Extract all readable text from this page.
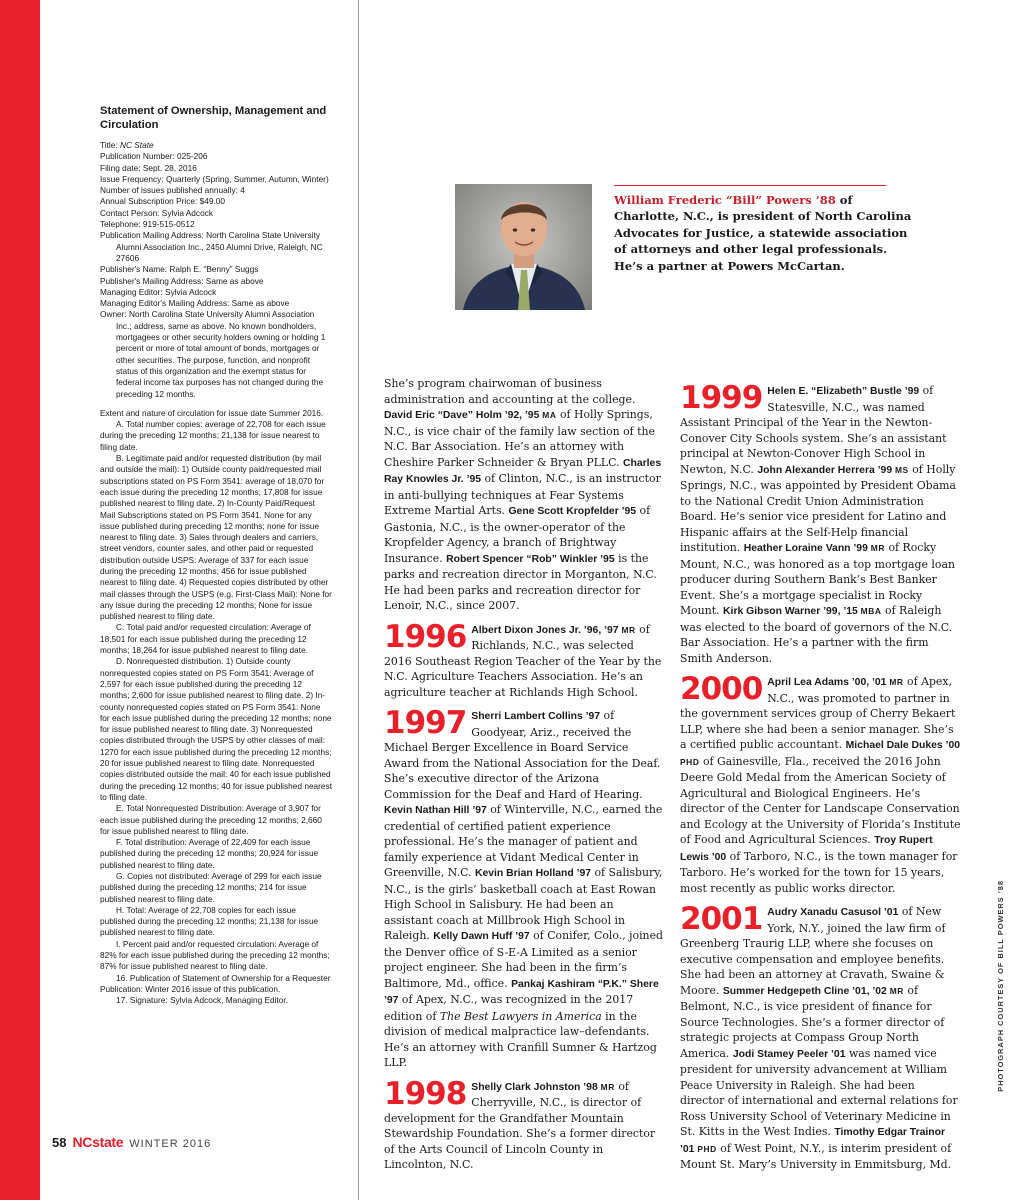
Statement of Ownership, Management and Circulation

Title: NC State

Publication Number: 025-206

Filing date: Sept. 28, 2016

Issue Frequency: Quarterly (Spring, Summer, Autumn, Winter)

Number of issues published annually: 4

Annual Subscription Price: $49.00

Contact Person: Sylvia Adcock

Telephone: 919-515-0512

Publication Mailing Address: North Carolina State University Alumni Association Inc., 2450 Alumni Drive, Raleigh, NC 27606

Publisher's Name: Ralph E. “Benny” Suggs

Publisher's Mailing Address: Same as above

Managing Editor: Sylvia Adcock

Managing Editor's Mailing Address: Same as above

Owner: North Carolina State University Alumni Association Inc.; address, same as above. No known bondholders, mortgagees or other security holders owning or holding 1 percent or more of total amount of bonds, mortgages or other securities. The purpose, function, and nonprofit status of this organization and the exempt status for federal income tax purposes has not changed during the preceding 12 months.

Extent and nature of circulation for issue date Summer 2016.

A. Total number copies: average of 22,708 for each issue during the preceding 12 months; 21,138 for issue nearest to filing date.

B. Legitimate paid and/or requested distribution (by mail and outside the mail): 1) Outside county paid/requested mail subscriptions stated on PS Form 3541: average of 18,070 for each issue during the preceding 12 months; 17,808 for issue published nearest to filing date. 2) In-County Paid/Request Mail Subscriptions stated on PS Form 3541. None for any issue published during preceding 12 months; none for issue nearest to filing date. 3) Sales through dealers and carriers, street vendors, counter sales, and other paid or requested distribution outside USPS: Average of 337 for each issue during the preceding 12 months; 456 for issue published nearest to filing date. 4) Requested copies distributed by other mail classes through the USPS (e.g. First-Class Mail): None for any issue during the preceding 12 months; None for issue published nearest to filing date.

C. Total paid and/or requested circulation: Average of 18,501 for each issue published during the preceding 12 months; 18,264 for issue published nearest to filing date.

D. Nonrequested distribution. 1) Outside county nonrequested copies stated on PS Form 3541: Average of 2,597 for each issue published during the preceding 12 months; 2,600 for issue published nearest to filing date. 2) In-county nonrequested copies stated on PS Form 3541: None for each issue published during the preceding 12 months; none for issue published nearest to filing date. 3) Nonrequested copies distributed through the USPS by other classes of mail: 1270 for each issue published during the preceding 12 months; 20 for issue published nearest to filing date. Nonrequested copies distributed outside the mail: 40 for each issue published during the preceding 12 months; 40 for issue published nearest to filing date.

E. Total Nonrequested Distribution: Average of 3,907 for each issue published during the preceding 12 months; 2,660 for issue published nearest to filing date.

F. Total distribution: Average of 22,409 for each issue published during the preceding 12 months; 20,924 for issue published nearest to filing date.

G. Copies not distributed: Average of 299 for each issue published during the preceding 12 months; 214 for issue published nearest to filing date.

H. Total: Average of 22,708 copies for each issue published during the preceding 12 months; 21,138 for issue published nearest to filing date.

I. Percent paid and/or requested circulation: Average of 82% for each issue published during the preceding 12 months; 87% for issue published nearest to filing date.

16. Publication of Statement of Ownership for a Requester Publication: Winter 2016 issue of this publication.

17. Signature: Sylvia Adcock, Managing Editor.

58 NCstate WINTER 2016
William Frederic “Bill” Powers ’88 of Charlotte, N.C., is president of North Carolina Advocates for Justice, a statewide association of attorneys and other legal professionals. He’s a partner at Powers McCartan.

She’s program chairwoman of business administration and accounting at the college. David Eric “Dave” Holm ’92, ’95 MA of Holly Springs, N.C., is vice chair of the family law section of the N.C. Bar Association. He’s an attorney with Cheshire Parker Schneider & Bryan PLLC. Charles Ray Knowles Jr. ’95 of Clinton, N.C., is an instructor in anti-bullying techniques at Fear Systems Extreme Martial Arts. Gene Scott Kropfelder ’95 of Gastonia, N.C., is the owner-operator of the Kropfelder Agency, a branch of Brightway Insurance. Robert Spencer “Rob” Winkler ’95 is the parks and recreation director in Morganton, N.C. He had been parks and recreation director for Lenoir, N.C., since 2007.

1996 Albert Dixon Jones Jr. ’96, ’97 MR of Richlands, N.C., was selected 2016 Southeast Region Teacher of the Year by the N.C. Agriculture Teachers Association. He’s an agriculture teacher at Richlands High School.

1997 Sherri Lambert Collins ’97 of Goodyear, Ariz., received the Michael Berger Excellence in Board Service Award from the National Association for the Deaf. She’s executive director of the Arizona Commission for the Deaf and Hard of Hearing. Kevin Nathan Hill ’97 of Winterville, N.C., earned the credential of certified patient experience professional. He’s the manager of patient and family experience at Vidant Medical Center in Greenville, N.C. Kevin Brian Holland ’97 of Salisbury, N.C., is the girls’ basketball coach at East Rowan High School in Salisbury. He had been an assistant coach at Millbrook High School in Raleigh. Kelly Dawn Huff ’97 of Conifer, Colo., joined the Denver office of S-E-A Limited as a senior project engineer. She had been in the firm’s Baltimore, Md., office. Pankaj Kashiram “P.K.” Shere ’97 of Apex, N.C., was recognized in the 2017 edition of The Best Lawyers in America in the division of medical malpractice law–defendants. He’s an attorney with Cranfill Sumner & Hartzog LLP.

1998 Shelly Clark Johnston ’98 MR of Cherryville, N.C., is director of development for the Grandfather Mountain Stewardship Foundation. She’s a former director of the Arts Council of Lincoln County in Lincolnton, N.C.

1999 Helen E. “Elizabeth” Bustle ’99 of Statesville, N.C., was named Assistant Principal of the Year in the Newton-Conover City Schools system. She’s an assistant principal at Newton-Conover High School in Newton, N.C. John Alexander Herrera ’99 MS of Holly Springs, N.C., was appointed by President Obama to the National Credit Union Administration Board. He’s senior vice president for Latino and Hispanic affairs at the Self-Help financial institution. Heather Loraine Vann ’99 MR of Rocky Mount, N.C., was honored as a top mortgage loan producer during Southern Bank’s Best Banker Event. She’s a mortgage specialist in Rocky Mount. Kirk Gibson Warner ’99, ’15 MBA of Raleigh was elected to the board of governors of the N.C. Bar Association. He’s a partner with the firm Smith Anderson.

2000 April Lea Adams ’00, ’01 MR of Apex, N.C., was promoted to partner in the government services group of Cherry Bekaert LLP, where she had been a senior manager. She’s a certified public accountant. Michael Dale Dukes ’00 PHD of Gainesville, Fla., received the 2016 John Deere Gold Medal from the American Society of Agricultural and Biological Engineers. He’s director of the Center for Landscape Conservation and Ecology at the University of Florida’s Institute of Food and Agricultural Sciences. Troy Rupert Lewis ’00 of Tarboro, N.C., is the town manager for Tarboro. He’s worked for the town for 15 years, most recently as public works director.

2001 Audry Xanadu Casusol ’01 of New York, N.Y., joined the law firm of Greenberg Traurig LLP, where she focuses on executive compensation and employee benefits. She had been an attorney at Cravath, Swaine & Moore. Summer Hedgepeth Cline ’01, ’02 MR of Belmont, N.C., is vice president of finance for Source Technologies. She’s a former director of strategic projects at Compass Group North America. Jodi Stamey Peeler ’01 was named vice president for university advancement at William Peace University in Raleigh. She had been director of international and external relations for Ross University School of Veterinary Medicine in St. Kitts in the West Indies. Timothy Edgar Trainor ’01 PHD of West Point, N.Y., is interim president of Mount St. Mary’s University in Emmitsburg, Md.

PHOTOGRAPH COURTESY OF BILL POWERS ’88
